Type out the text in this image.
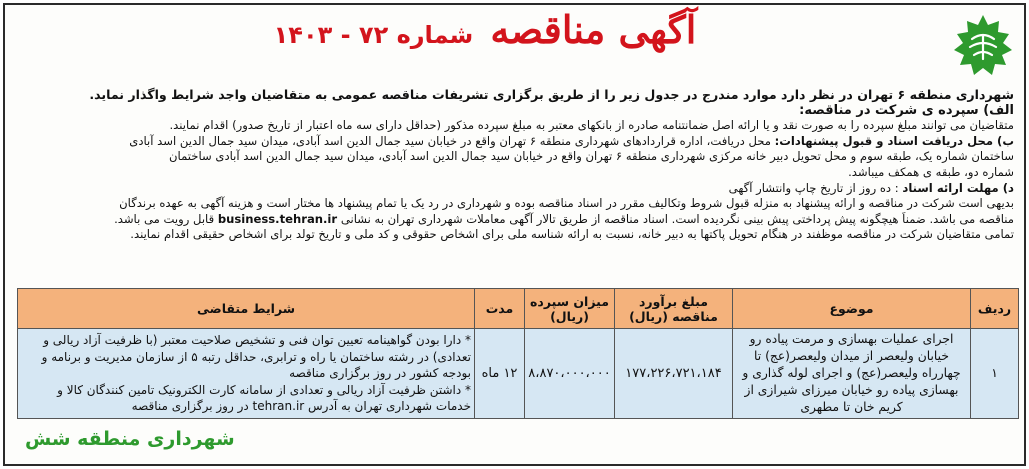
آگهی مناقصه شماره ۷۲ - ۱۴۰۳

شهرداری منطقه ۶ تهران در نظر دارد موارد مندرج در جدول زیر را از طریق برگزاری تشریفات مناقصه عمومی به متقاضیان واجد شرایط واگذار نماید.

الف) سپرده ی شرکت در مناقصه:

متقاضیان می توانند مبلغ سپرده را به صورت نقد و یا ارائه اصل ضمانتنامه صادره از بانکهای معتبر به مبلغ سپرده مذکور (حداقل دارای سه ماه اعتبار از تاریخ صدور) اقدام نمایند.

ب) محل دریافت اسناد و قبول پیشنهادات: محل دریافت، اداره قراردادهای شهرداری منطقه ۶ تهران واقع در خیابان سید جمال الدین اسد آبادی، میدان سید جمال الدین اسد آبادی

ساختمان شماره یک، طبقه سوم و محل تحویل دبیر خانه مرکزی شهرداری منطقه ۶ تهران واقع در خیابان سید جمال الدین اسد آبادی، میدان سید جمال الدین اسد آبادی ساختمان

شماره دو، طبقه ی همکف میباشد.

د) مهلت ارائه اسناد : ده روز از تاریخ چاپ وانتشار آگهی

بدیهی است شرکت در مناقصه و ارائه پیشنهاد به منزله قبول شروط وتکالیف مقرر در اسناد مناقصه بوده و شهرداری در رد یک یا تمام پیشنهاد ها مختار است و هزینه آگهی به عهده برندگان

مناقصه می باشد. ضمناً هیچگونه پیش پرداختی پیش بینی نگردیده است. اسناد مناقصه از طریق تالار آگهی معاملات شهرداری تهران به نشانی business.tehran.ir قابل رویت می باشد.

تمامی متقاضیان شرکت در مناقصه موظفند در هنگام تحویل پاکتها به دبیر خانه، نسبت به ارائه شناسه ملی برای اشخاص حقوقی و کد ملی و تاریخ تولد برای اشخاص حقیقی اقدام نمایند.

ردیف	موضوع	مبلغ برآورد مناقصه (ریال)	میزان سپرده (ریال)	مدت	شرایط متقاضی
۱	اجرای عملیات بهسازی و مرمت پیاده رو خیابان ولیعصر از میدان ولیعصر(عج) تا چهارراه ولیعصر(عج) و اجرای لوله گذاری و بهسازی پیاده رو خیابان میرزای شیرازی از کریم خان تا مطهری	۱۷۷،۲۲۶،۷۲۱،۱۸۴	۸،۸۷۰،۰۰۰،۰۰۰	۱۲ ماه	* دارا بودن گواهینامه تعیین توان فنی و تشخیص صلاحیت معتبر (با ظرفیت آزاد ریالی و تعدادی) در رشته ساختمان یا راه و ترابری، حداقل رتبه ۵ از سازمان مدیریت و برنامه و بودجه کشور در روز برگزاری مناقصه
* داشتن ظرفیت آزاد ریالی و تعدادی از سامانه کارت الکترونیک تامین کنندگان کالا و خدمات شهرداری تهران به آدرس tehran.ir در روز برگزاری مناقصه
شهرداری منطقه شش
